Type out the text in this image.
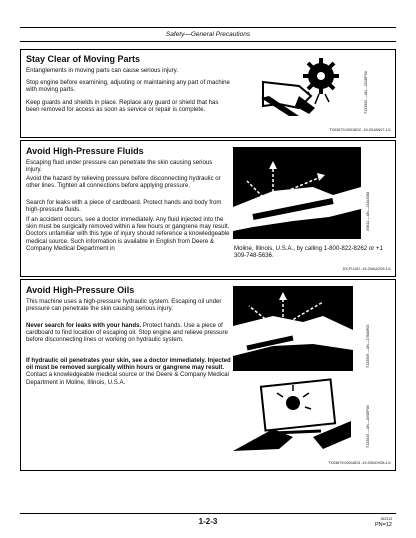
Safety—General Precautions
Stay Clear of Moving Parts

Entanglements in moving parts can cause serious injury.

Stop engine before examining, adjusting or maintaining any part of machine with moving parts.

Keep guards and shields in place. Replace any guard or shield that has been removed for access as soon as service or repair is complete.	T133592 —UN—23SEP00
TX03679,00016D2 -19-03JAN07-1/1
Avoid High-Pressure Fluids

Escaping fluid under pressure can penetrate the skin causing serious injury.

Avoid the hazard by relieving pressure before disconnecting hydraulic or other lines. Tighten all connections before applying pressure.

Search for leaks with a piece of cardboard. Protect hands and body from high-pressure fluids.

If an accident occurs, see a doctor immediately. Any fluid injected into the skin must be surgically removed within a few hours or gangrene may result. Doctors unfamiliar with this type of injury should reference a knowledgeable medical source. Such information is available in English from Deere & Company Medical Department in	Moline, Illinois, U.S.A., by calling 1-800-822-8262 or +1 309-748-5636.

X9811 —UN—23AUG88
DX,FLUID -19-20AUG09-1/1
Avoid High-Pressure Oils

This machine uses a high-pressure hydraulic system. Escaping oil under pressure can penetrate the skin causing serious injury.

Never search for leaks with your hands. Protect hands. Use a piece of cardboard to find location of escaping oil. Stop engine and relieve pressure before disconnecting lines or working on hydraulic system.

If hydraulic oil penetrates your skin, see a doctor immediately. Injected oil must be removed surgically within hours or gangrene may result. Contact a knowledgeable medical source or the Deere & Company Medical Department in Moline, Illinois, U.S.A.

T133509 —UN—17MAR00
T133840 —UN—20SEP00
TX03679,00016D3 -19-03NOV08-1/1
1-2-3	062313
PN=12
